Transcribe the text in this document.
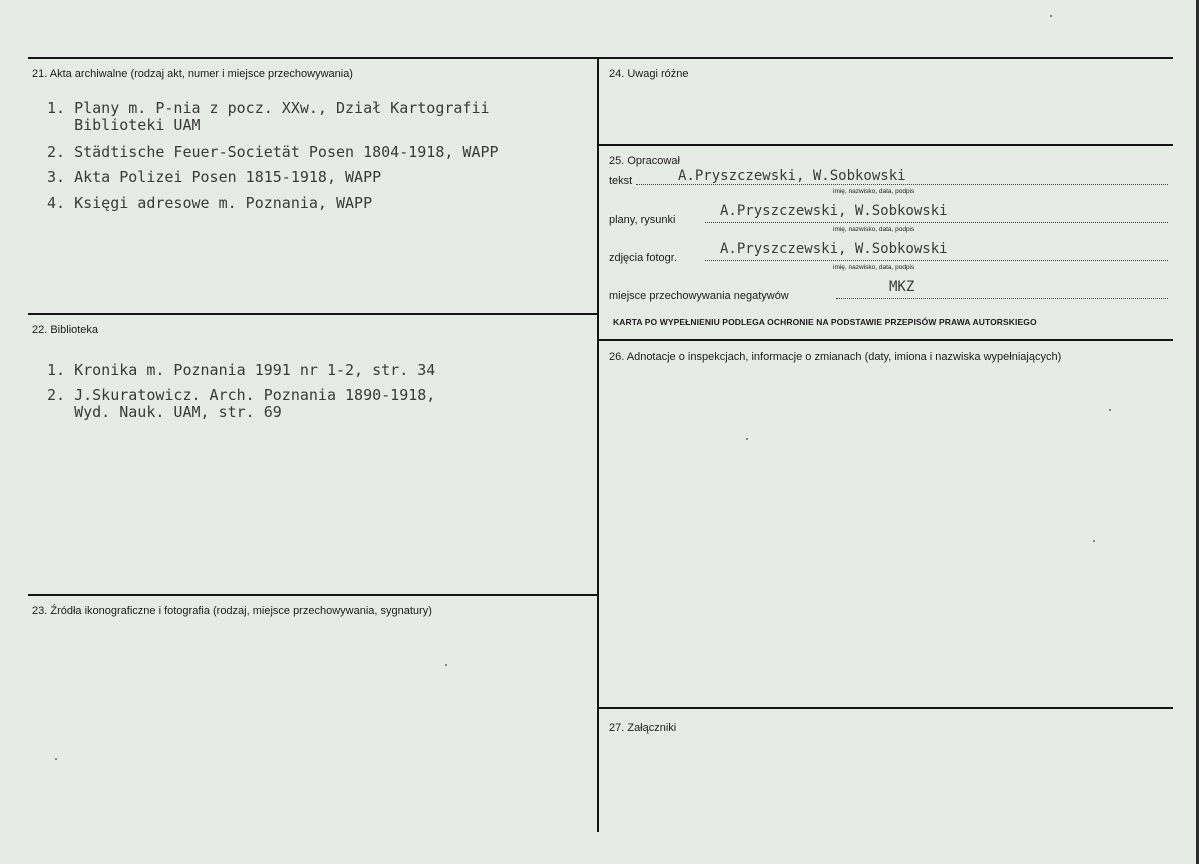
21. Akta archiwalne (rodzaj akt, numer i miejsce przechowywania)
1. Plany m. P-nia z pocz. XXw., Dział Kartografii
Biblioteki UAM
2. Städtische Feuer-Societät Posen 1804-1918, WAPP
3. Akta Polizei Posen 1815-1918, WAPP
4. Księgi adresowe m. Poznania, WAPP
22. Biblioteka
1. Kronika m. Poznania 1991 nr 1-2, str. 34
2. J.Skuratowicz. Arch. Poznania 1890-1918,
Wyd. Nauk. UAM, str. 69
23. Źródła ikonograficzne i fotografia (rodzaj, miejsce przechowywania, sygnatury)
24. Uwagi różne
25. Opracował
tekst	A.Pryszczewski, W.Sobkowski
imię, nazwisko, data, podpis
plany, rysunki
A.Pryszczewski, W.Sobkowski
imię, nazwisko, data, podpis
zdjęcia fotogr.
A.Pryszczewski, W.Sobkowski
imię, nazwisko, data, podpis
miejsce przechowywania negatywów
MKZ
KARTA PO WYPEŁNIENIU PODLEGA OCHRONIE NA PODSTAWIE PRZEPISÓW PRAWA AUTORSKIEGO
26. Adnotacje o inspekcjach, informacje o zmianach (daty, imiona i nazwiska wypełniających)
27. Załączniki
